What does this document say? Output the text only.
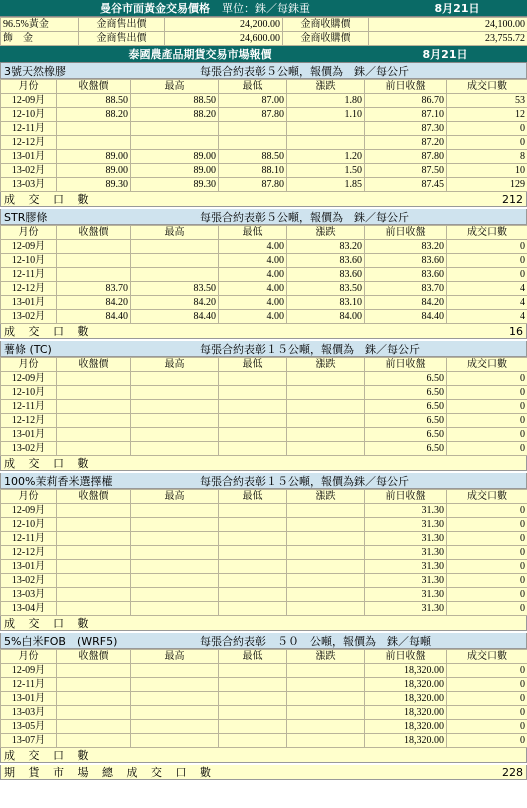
曼谷市面黃金交易價格	單位：銖／每銖重	8月21日
96.5%黃金	金商售出價	24,200.00	金商收購價	24,100.00
飾　金	金商售出價	24,600.00	金商收購價	23,755.72
泰國農產品期貨交易市場報價	8月21日
3號天然橡膠	每張合約表彰５公噸，報價為　銖／每公斤
月份	收盤價	最高	最低	漲跌	前日收盤	成交口數
12-09月	88.50	88.50	87.00	1.80	86.70	53
12-10月	88.20	88.20	87.80	1.10	87.10	12
12-11月					87.30	0
12-12月					87.20	0
13-01月	89.00	89.00	88.50	1.20	87.80	8
13-02月	89.00	89.00	88.10	1.50	87.50	10
13-03月	89.30	89.30	87.80	1.85	87.45	129
成 交 口 數	212
STR膠條	每張合約表彰５公噸，報價為　銖／每公斤
月份	收盤價	最高	最低	漲跌	前日收盤	成交口數
12-09月			4.00	83.20	83.20	0
12-10月			4.00	83.60	83.60	0
12-11月			4.00	83.60	83.60	0
12-12月	83.70	83.50	4.00	83.50	83.70	4
13-01月	84.20	84.20	4.00	83.10	84.20	4
13-02月	84.40	84.40	4.00	84.00	84.40	4
成 交 口 數	16
薯條 (TC)	每張合約表彰１５公噸，報價為　銖／每公斤
月份	收盤價	最高	最低	漲跌	前日收盤	成交口數
12-09月					6.50	0
12-10月					6.50	0
12-11月					6.50	0
12-12月					6.50	0
13-01月					6.50	0
13-02月					6.50	0
成 交 口 數
100%茉莉香米選擇權	每張合約表彰１５公噸，報價為銖／每公斤
月份	收盤價	最高	最低	漲跌	前日收盤	成交口數
12-09月					31.30	0
12-10月					31.30	0
12-11月					31.30	0
12-12月					31.30	0
13-01月					31.30	0
13-02月					31.30	0
13-03月					31.30	0
13-04月					31.30	0
成 交 口 數
5%白米FOB　(WRF5)	每張合約表彰　５０　公噸，報價為　銖／每噸
月份	收盤價	最高	最低	漲跌	前日收盤	成交口數
12-09月					18,320.00	0
12-11月					18,320.00	0
13-01月					18,320.00	0
13-03月					18,320.00	0
13-05月					18,320.00	0
13-07月					18,320.00	0
成 交 口 數
期 貨 市 場 總 成 交 口 數	228
